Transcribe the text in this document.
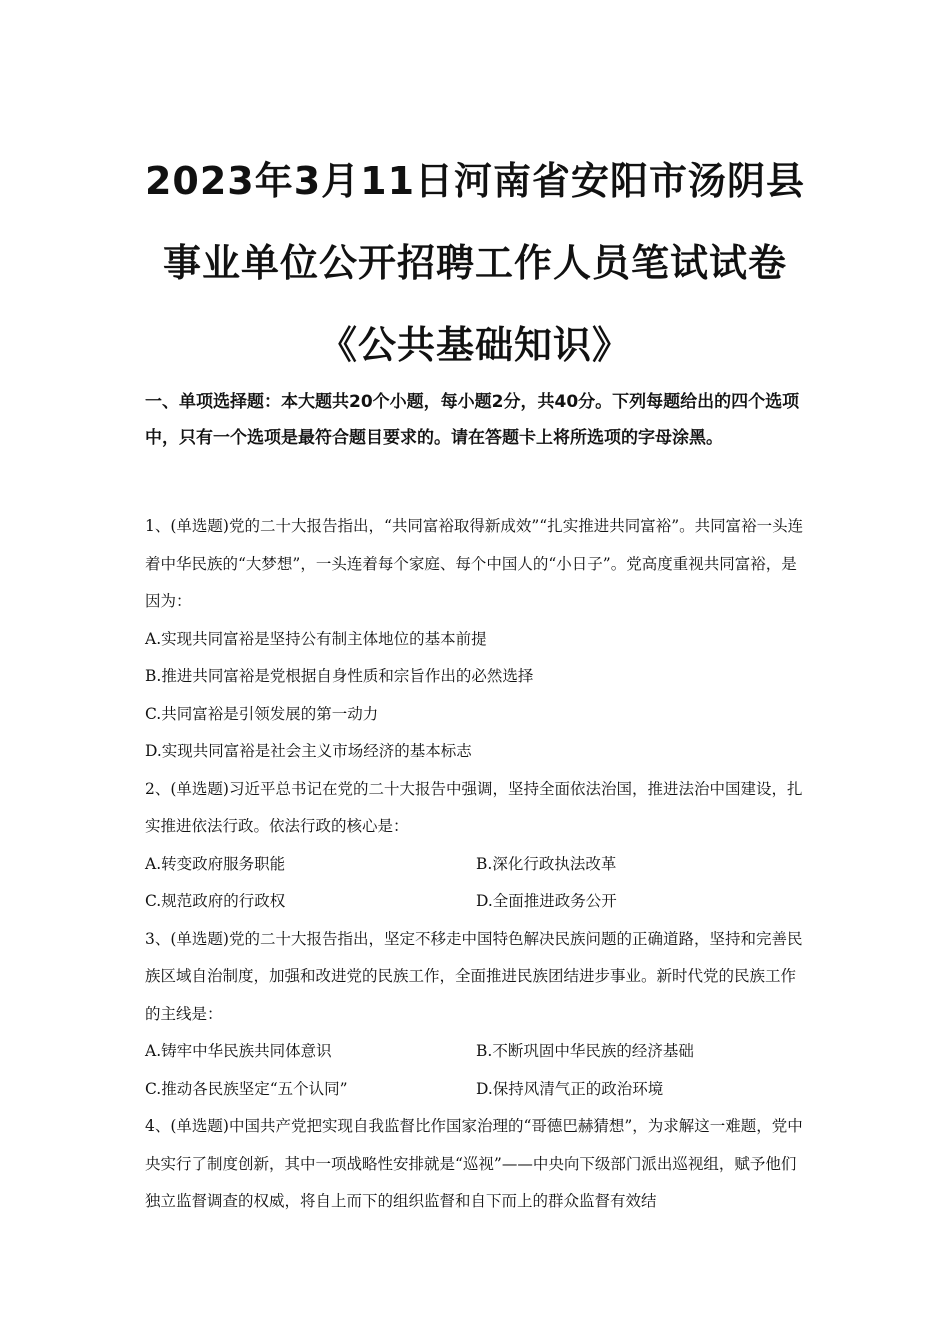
2023年3月11日河南省安阳市汤阴县事业单位公开招聘工作人员笔试试卷《公共基础知识》
一、单项选择题：本大题共20个小题，每小题2分，共40分。下列每题给出的四个选项中，只有一个选项是最符合题目要求的。请在答题卡上将所选项的字母涂黑。

1、(单选题)党的二十大报告指出，“共同富裕取得新成效”“扎实推进共同富裕”。共同富裕一头连着中华民族的“大梦想”，一头连着每个家庭、每个中国人的“小日子”。党高度重视共同富裕，是因为：

A.实现共同富裕是坚持公有制主体地位的基本前提

B.推进共同富裕是党根据自身性质和宗旨作出的必然选择

C.共同富裕是引领发展的第一动力

D.实现共同富裕是社会主义市场经济的基本标志

2、(单选题)习近平总书记在党的二十大报告中强调，坚持全面依法治国，推进法治中国建设，扎实推进依法行政。依法行政的核心是：

A.转变政府服务职能	B.深化行政执法改革
C.规范政府的行政权	D.全面推进政务公开

3、(单选题)党的二十大报告指出，坚定不移走中国特色解决民族问题的正确道路，坚持和完善民族区域自治制度，加强和改进党的民族工作，全面推进民族团结进步事业。新时代党的民族工作的主线是：

A.铸牢中华民族共同体意识	B.不断巩固中华民族的经济基础
C.推动各民族坚定“五个认同”	D.保持风清气正的政治环境

4、(单选题)中国共产党把实现自我监督比作国家治理的“哥德巴赫猜想”，为求解这一难题，党中央实行了制度创新，其中一项战略性安排就是“巡视”——中央向下级部门派出巡视组，赋予他们独立监督调查的权威，将自上而下的组织监督和自下而上的群众监督有效结
